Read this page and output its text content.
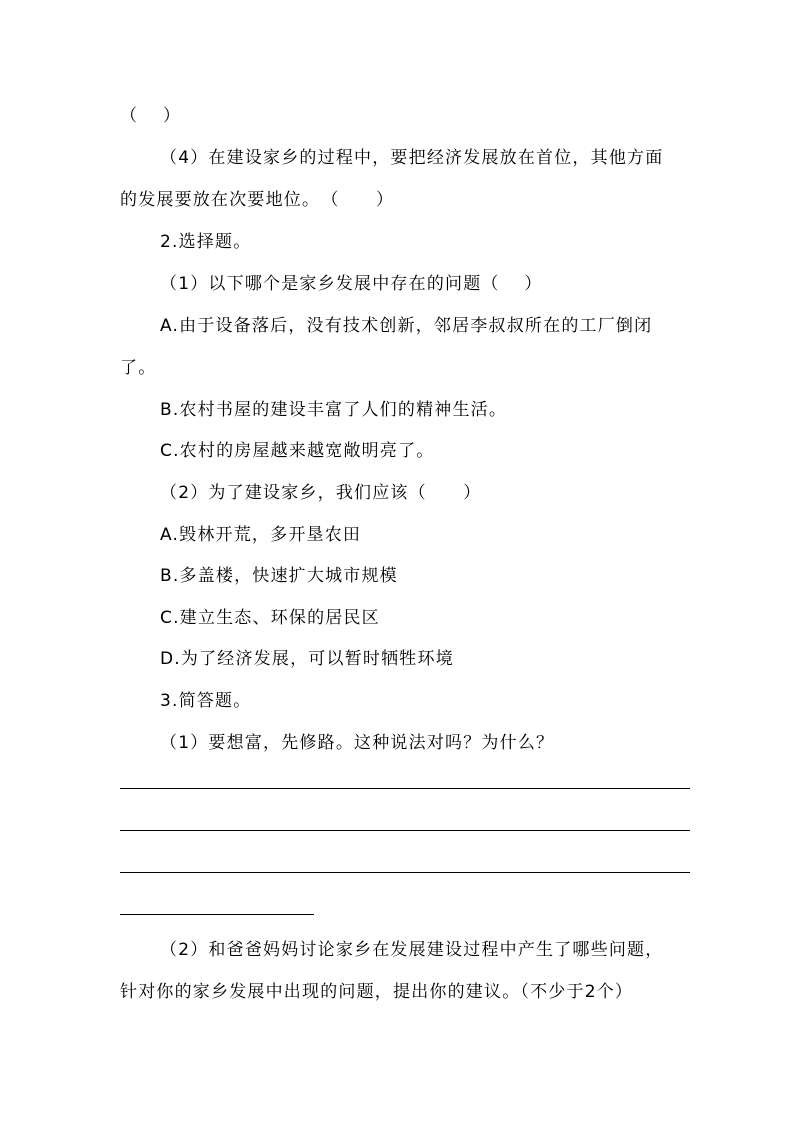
（　 ）
（4）在建设家乡的过程中，要把经济发展放在首位，其他方面
的发展要放在次要地位。　（　　）
2.选择题。
（1）以下哪个是家乡发展中存在的问题（　 ）
A.由于设备落后，没有技术创新，邻居李叔叔所在的工厂倒闭
了。
B.农村书屋的建设丰富了人们的精神生活。
C.农村的房屋越来越宽敞明亮了。
（2）为了建设家乡，我们应该（　　）
A.毁林开荒，多开垦农田
B.多盖楼，快速扩大城市规模
C.建立生态、环保的居民区
D.为了经济发展，可以暂时牺牲环境
3.简答题。
（1）要想富，先修路。这种说法对吗？为什么？
（2）和爸爸妈妈讨论家乡在发展建设过程中产生了哪些问题，
针对你的家乡发展中出现的问题，提出你的建议。（不少于2个）
